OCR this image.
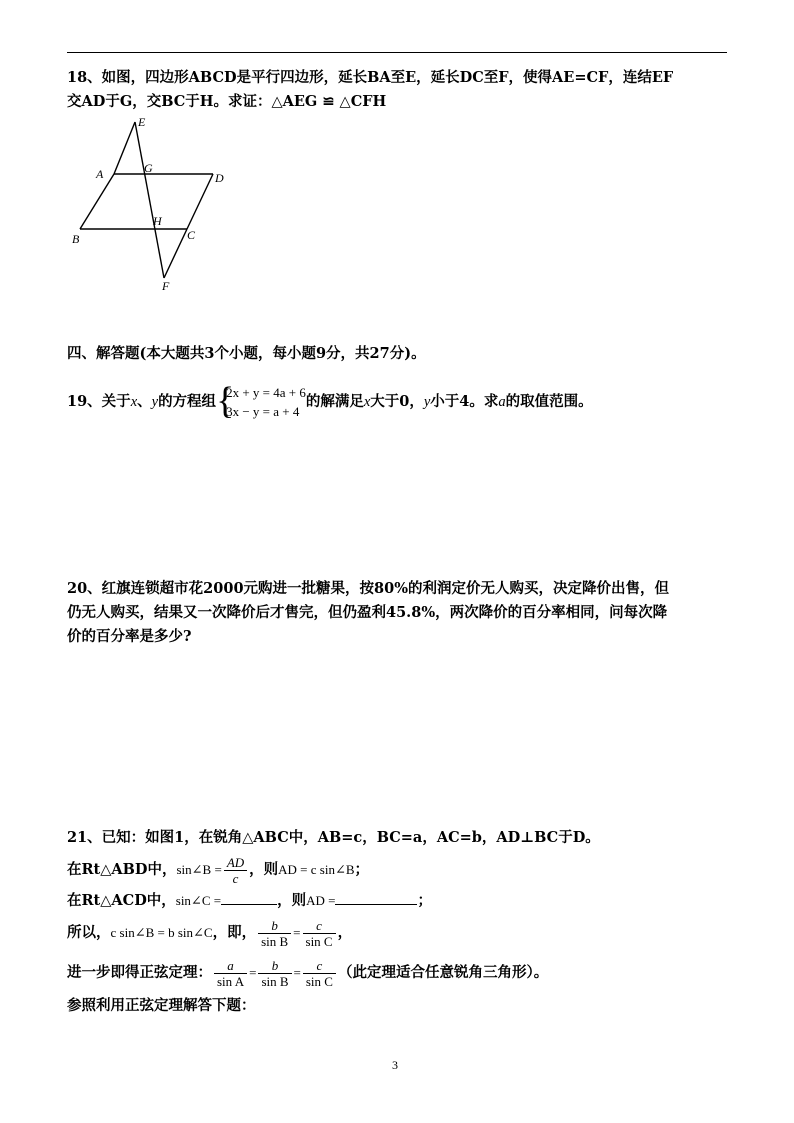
18、如图，四边形ABCD是平行四边形，延长BA至E，延长DC至F，使得AE=CF，连结EF
交AD于G，交BC于H。求证：△AEG ≌ △CFH
E
A	G
D
B
H
C
F
四、解答题(本大题共3个小题，每小题9分，共27分)。
19、关于x、y的方程组 {
2x + y = 4a + 6
3x − y = a + 4
的解满足x大于0，y小于4。求a的取值范围。
20、红旗连锁超市花2000元购进一批糖果，按80%的利润定价无人购买，决定降价出售，但
仍无人购买，结果又一次降价后才售完，但仍盈利45.8%，两次降价的百分率相同，问每次降
价的百分率是多少?
21、已知：如图1，在锐角△ABC中，AB=c，BC=a，AC=b，AD⊥BC于D。
在Rt△ABD中，sin∠B = $\frac{AD}{c}$ ，则AD = c sin∠B；
在Rt△ACD中，sin∠C =	，则AD =	；
所以，c sin∠B = b sin∠C，即， $\frac{b}{\text{sin B}} = \frac{c}{\text{sin C}}$ ，
进一步即得正弦定理： $\frac{a}{\text{sin A}} = \frac{b}{\text{sin B}} = \frac{c}{\text{sin C}}$ （此定理适合任意锐角三角形）。
参照利用正弦定理解答下题：
3
